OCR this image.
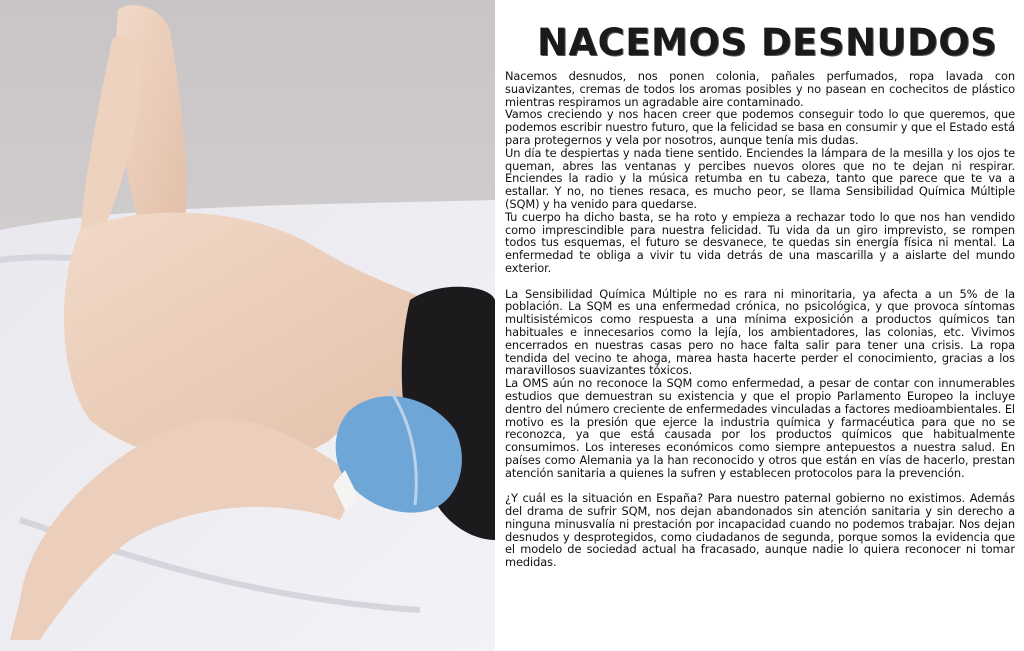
NACEMOS DESNUDOS

Nacemos desnudos, nos ponen colonia, pañales perfumados, ropa lavada con suavizantes, cremas de todos los aromas posibles y no pasean en cochecitos de plástico mientras respiramos un agradable aire contaminado.

Vamos creciendo y nos hacen creer que podemos conseguir todo lo que queremos, que podemos escribir nuestro futuro, que la felicidad se basa en consumir y que el Estado está para protegernos y vela por nosotros, aunque tenía mis dudas.

Un día te despiertas y nada tiene sentido. Enciendes la lámpara de la mesilla y los ojos te queman, abres las ventanas y percibes nuevos olores que no te dejan ni respirar. Enciendes la radio y la música retumba en tu cabeza, tanto que parece que te va a estallar. Y no, no tienes resaca, es mucho peor, se llama Sensibilidad Química Múltiple (SQM) y ha venido para quedarse.

Tu cuerpo ha dicho basta, se ha roto y empieza a rechazar todo lo que nos han vendido como imprescindible para nuestra felicidad. Tu vida da un giro imprevisto, se rompen todos tus esquemas, el futuro se desvanece, te quedas sin energía física ni mental. La enfermedad te obliga a vivir tu vida detrás de una mascarilla y a aislarte del mundo exterior.

La Sensibilidad Química Múltiple no es rara ni minoritaria, ya afecta a un 5% de la población. La SQM es una enfermedad crónica, no psicológica, y que provoca síntomas multisistémicos como respuesta a una mínima exposición a productos químicos tan habituales e innecesarios como la lejía, los ambientadores, las colonias, etc. Vivimos encerrados en nuestras casas pero no hace falta salir para tener una crisis. La ropa tendida del vecino te ahoga, marea hasta hacerte perder el conocimiento, gracias a los maravillosos suavizantes tóxicos.

La OMS aún no reconoce la SQM como enfermedad, a pesar de contar con innumerables estudios que demuestran su existencia y que el propio Parlamento Europeo la incluye dentro del número creciente de enfermedades vinculadas a factores medioambientales. El motivo es la presión que ejerce la industria química y farmacéutica para que no se reconozca, ya que está causada por los productos químicos que habitualmente consumimos. Los intereses económicos como siempre antepuestos a nuestra salud. En países como Alemania ya la han reconocido y otros que están en vías de hacerlo, prestan atención sanitaria a quienes la sufren y establecen protocolos para la prevención.

¿Y cuál es la situación en España? Para nuestro paternal gobierno no existimos. Además del drama de sufrir SQM, nos dejan abandonados sin atención sanitaria y sin derecho a ninguna minusvalía ni prestación por incapacidad cuando no podemos trabajar. Nos dejan desnudos y desprotegidos, como ciudadanos de segunda, porque somos la evidencia que el modelo de sociedad actual ha fracasado, aunque nadie lo quiera reconocer ni tomar medidas.
